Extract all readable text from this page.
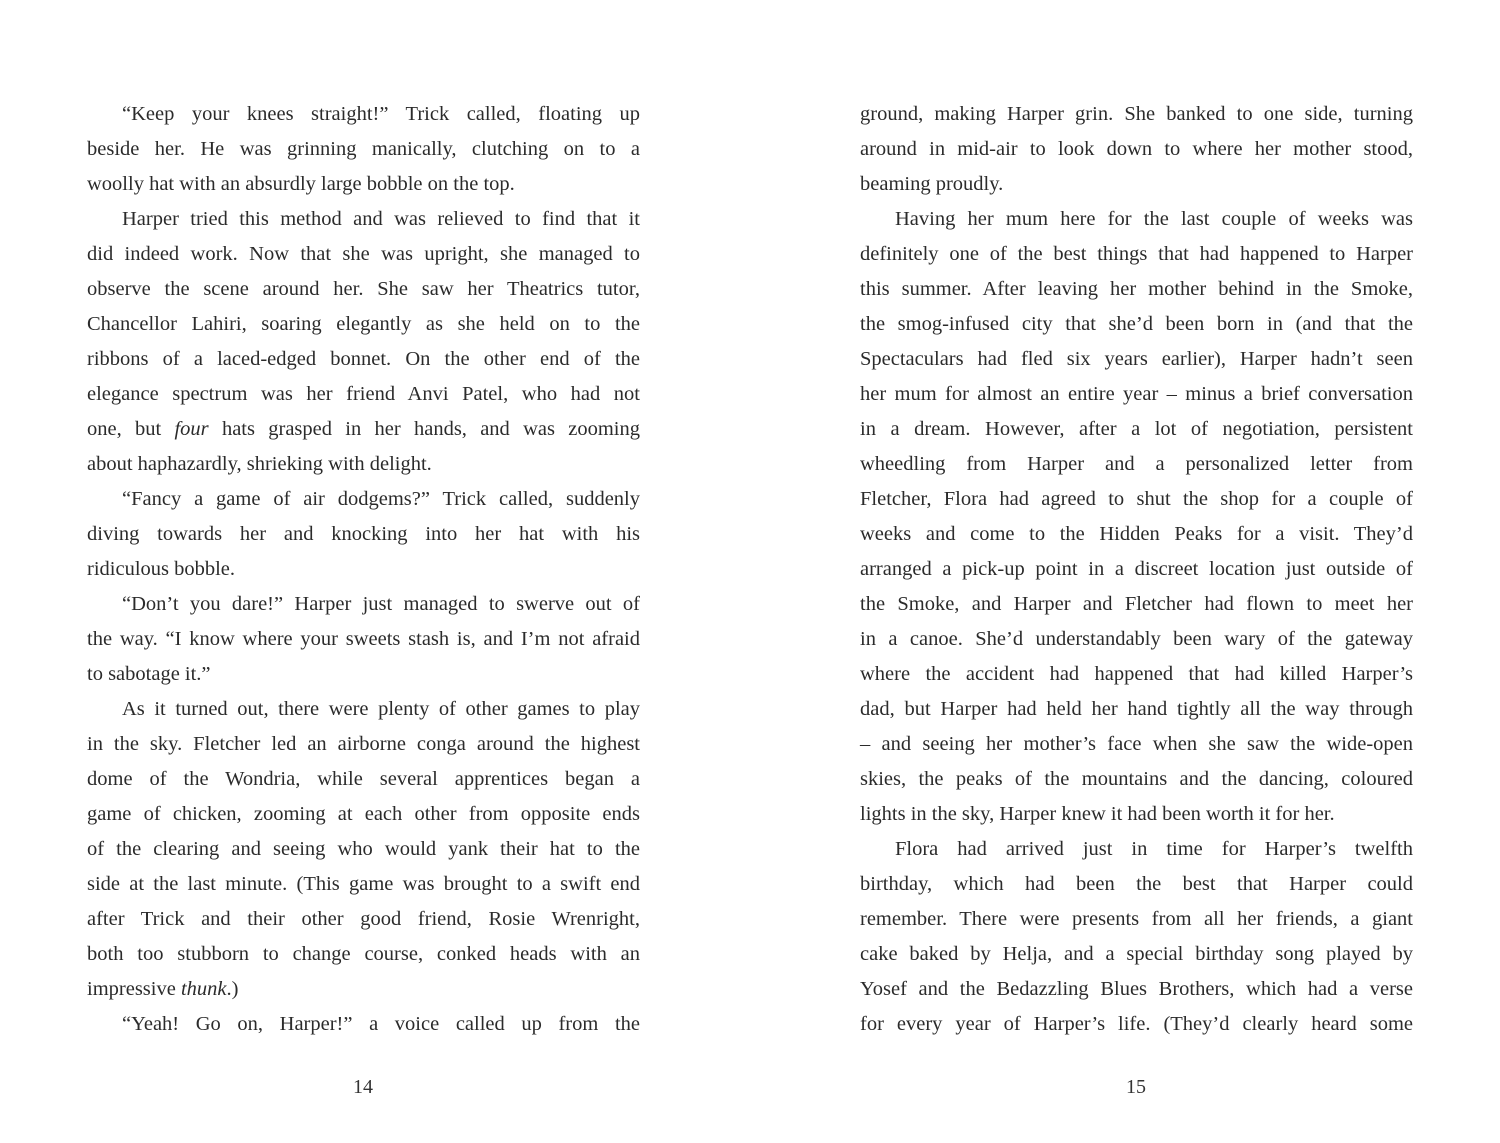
“Keep your knees straight!” Trick called, floating up
beside her. He was grinning manically, clutching on to a
woolly hat with an absurdly large bobble on the top.
Harper tried this method and was relieved to find that it
did indeed work. Now that she was upright, she managed to
observe the scene around her. She saw her Theatrics tutor,
Chancellor Lahiri, soaring elegantly as she held on to the
ribbons of a laced-edged bonnet. On the other end of the
elegance spectrum was her friend Anvi Patel, who had not
one, but four hats grasped in her hands, and was zooming
about haphazardly, shrieking with delight.
“Fancy a game of air dodgems?” Trick called, suddenly
diving towards her and knocking into her hat with his
ridiculous bobble.
“Don’t you dare!” Harper just managed to swerve out of
the way. “I know where your sweets stash is, and I’m not afraid
to sabotage it.”
As it turned out, there were plenty of other games to play
in the sky. Fletcher led an airborne conga around the highest
dome of the Wondria, while several apprentices began a
game of chicken, zooming at each other from opposite ends
of the clearing and seeing who would yank their hat to the
side at the last minute. (This game was brought to a swift end
after Trick and their other good friend, Rosie Wrenright,
both too stubborn to change course, conked heads with an
impressive thunk.)
“Yeah! Go on, Harper!” a voice called up from the
ground, making Harper grin. She banked to one side, turning
around in mid-air to look down to where her mother stood,
beaming proudly.
Having her mum here for the last couple of weeks was
definitely one of the best things that had happened to Harper
this summer. After leaving her mother behind in the Smoke,
the smog-infused city that she’d been born in (and that the
Spectaculars had fled six years earlier), Harper hadn’t seen
her mum for almost an entire year – minus a brief conversation
in a dream. However, after a lot of negotiation, persistent
wheedling from Harper and a personalized letter from
Fletcher, Flora had agreed to shut the shop for a couple of
weeks and come to the Hidden Peaks for a visit. They’d
arranged a pick-up point in a discreet location just outside of
the Smoke, and Harper and Fletcher had flown to meet her
in a canoe. She’d understandably been wary of the gateway
where the accident had happened that had killed Harper’s
dad, but Harper had held her hand tightly all the way through
– and seeing her mother’s face when she saw the wide-open
skies, the peaks of the mountains and the dancing, coloured
lights in the sky, Harper knew it had been worth it for her.
Flora had arrived just in time for Harper’s twelfth
birthday, which had been the best that Harper could
remember. There were presents from all her friends, a giant
cake baked by Helja, and a special birthday song played by
Yosef and the Bedazzling Blues Brothers, which had a verse
for every year of Harper’s life. (They’d clearly heard some
14	15
